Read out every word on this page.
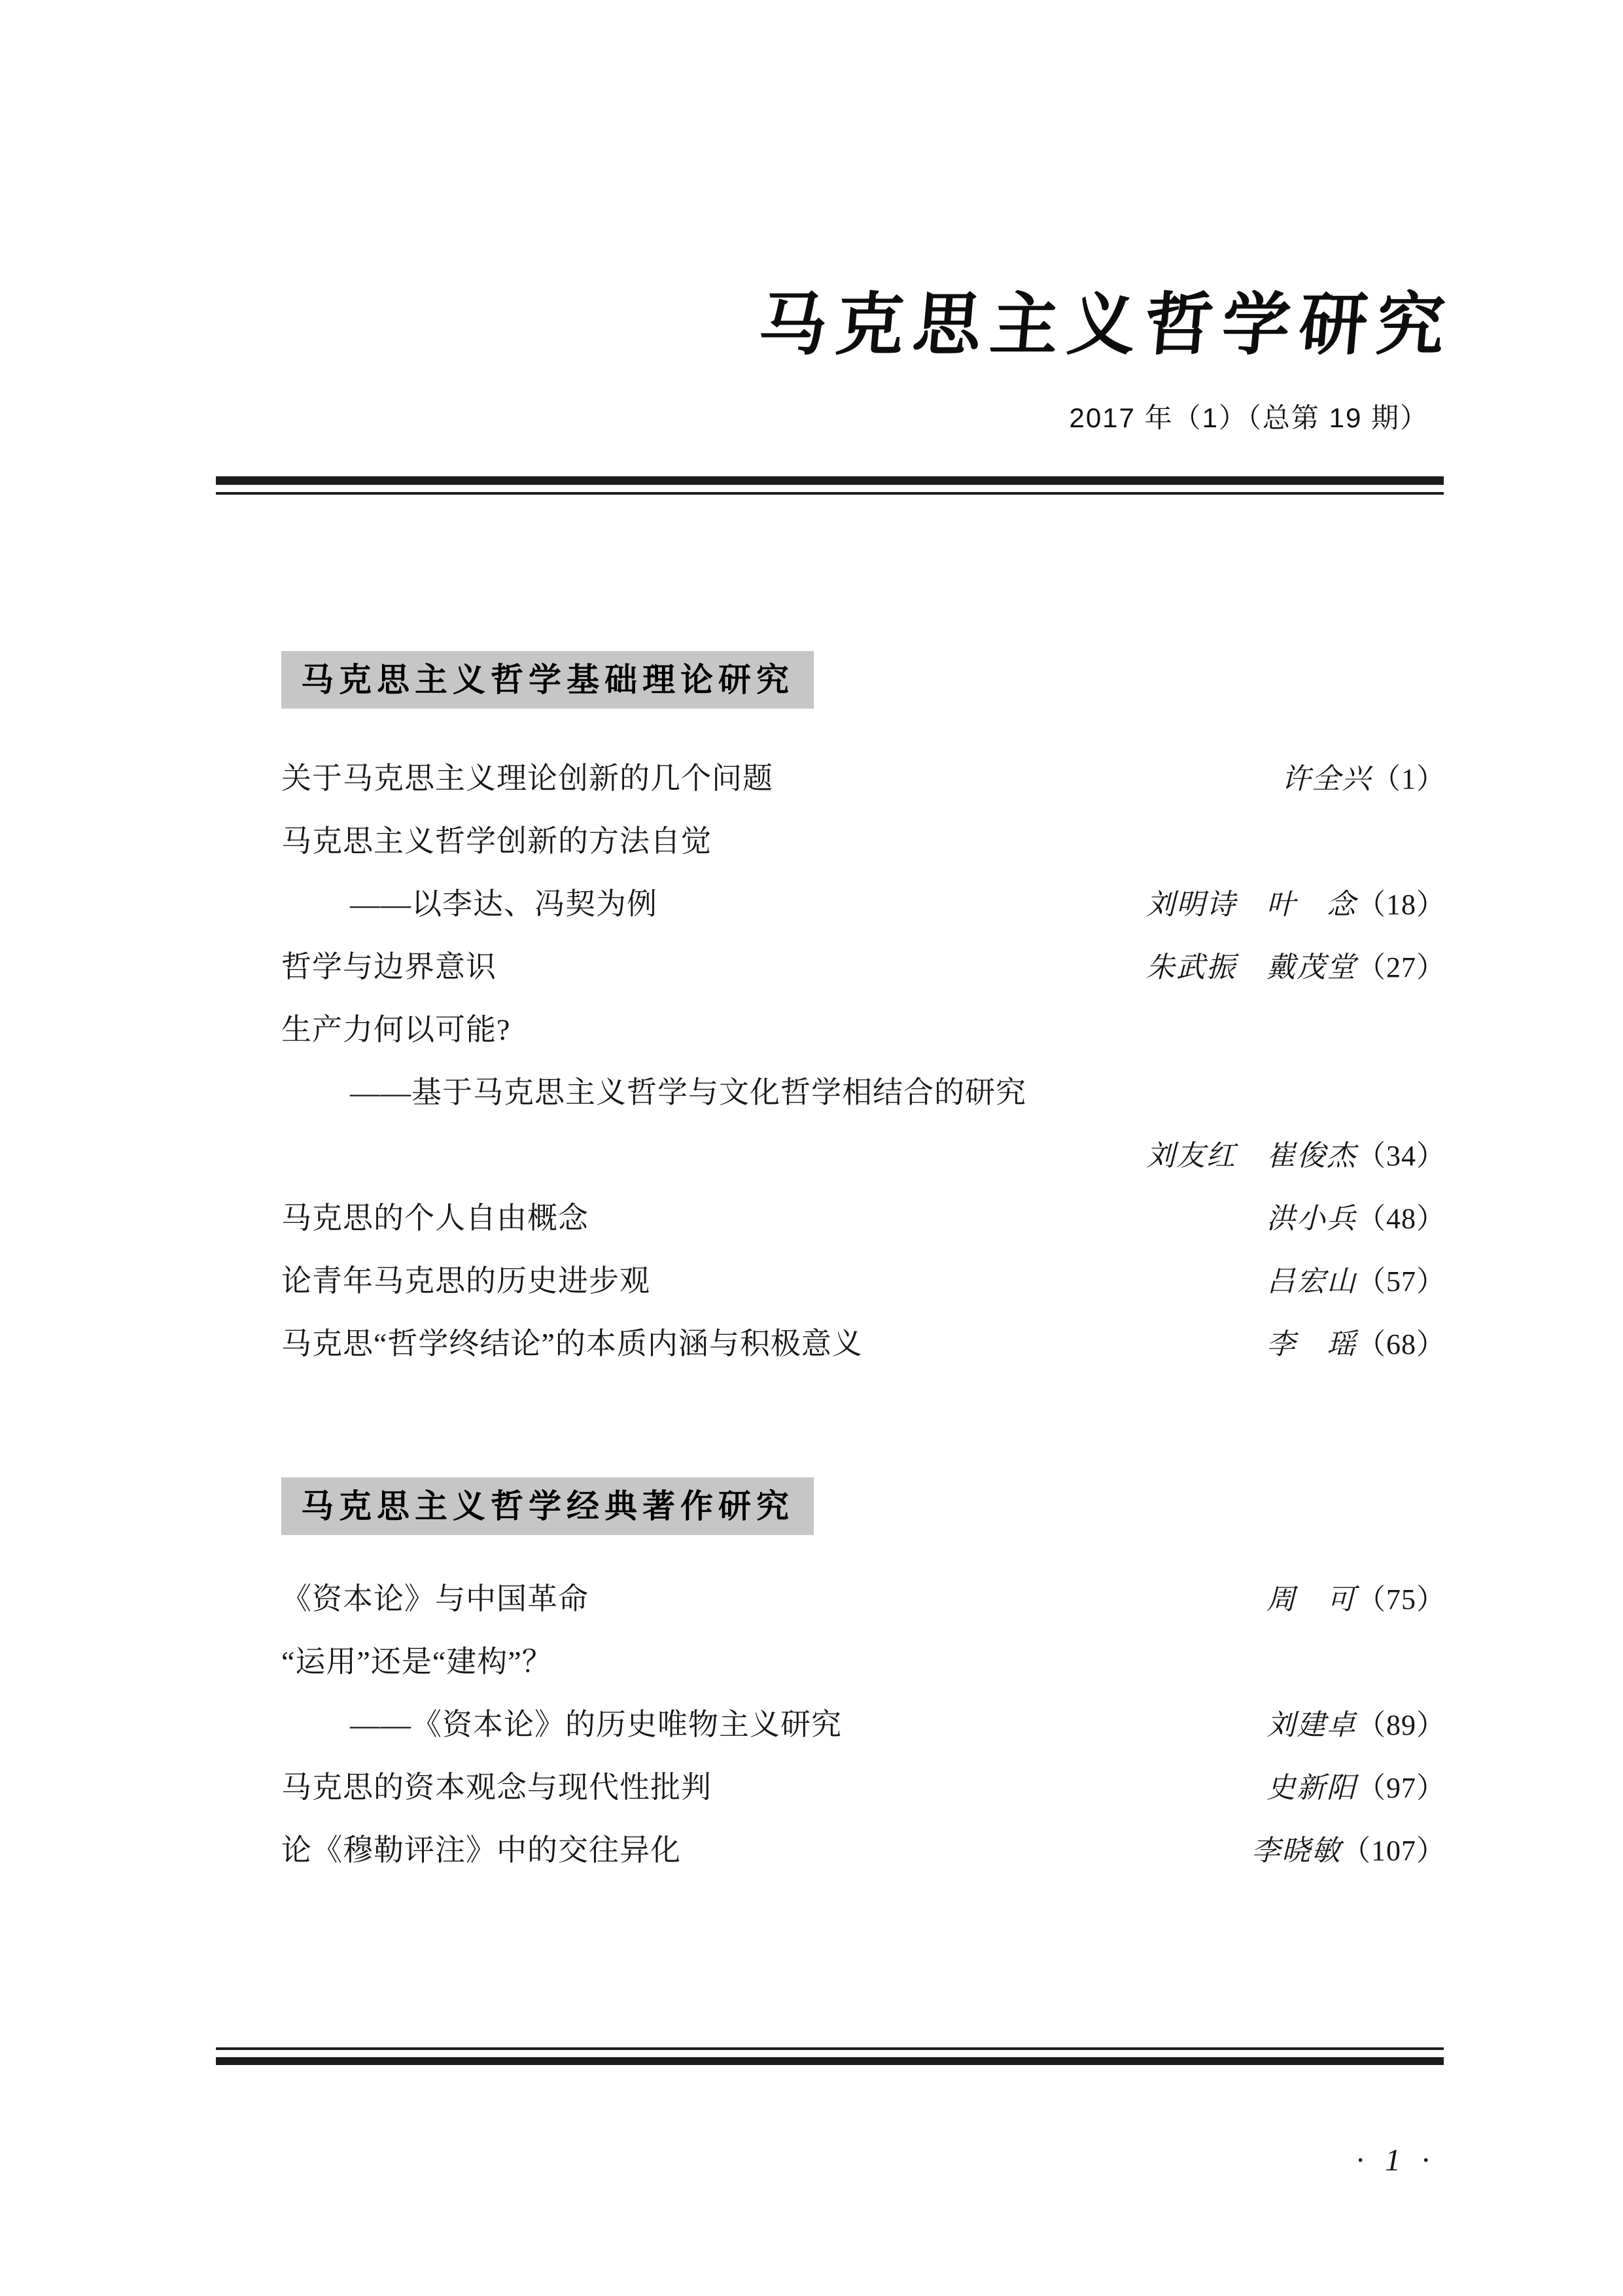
马克思主义哲学研究
2017 年（1）（总第 19 期）
马克思主义哲学基础理论研究
关于马克思主义理论创新的几个问题	许全兴 （1）
马克思主义哲学创新的方法自觉
——以李达、冯契为例	刘明诗　叶　念 （18）
哲学与边界意识	朱武振　戴茂堂 （27）
生产力何以可能?
——基于马克思主义哲学与文化哲学相结合的研究
刘友红　崔俊杰 （34）
马克思的个人自由概念	洪小兵 （48）
论青年马克思的历史进步观	吕宏山 （57）
马克思“哲学终结论”的本质内涵与积极意义	李　瑶 （68）
马克思主义哲学经典著作研究
《资本论》与中国革命	周　可 （75）
“运用”还是“建构”？
——《资本论》的历史唯物主义研究	刘建卓 （89）
马克思的资本观念与现代性批判	史新阳 （97）
论《穆勒评注》中的交往异化	李晓敏 （107）
· 1 ·
